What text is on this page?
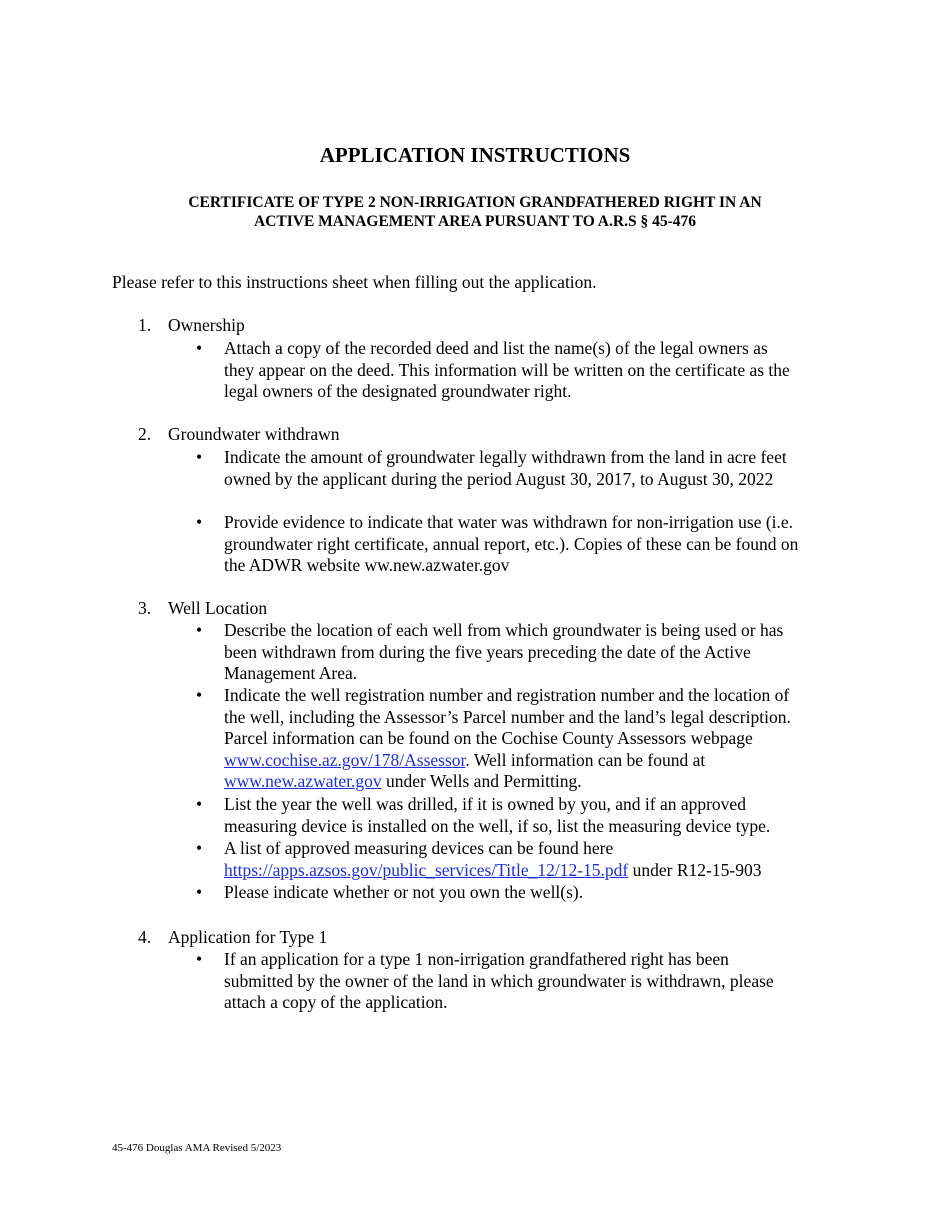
APPLICATION INSTRUCTIONS
CERTIFICATE OF TYPE 2 NON-IRRIGATION GRANDFATHERED RIGHT IN AN
ACTIVE MANAGEMENT AREA PURSUANT TO A.R.S § 45-476
Please refer to this instructions sheet when filling out the application.
1. Ownership
• Attach a copy of the recorded deed and list the name(s) of the legal owners as
they appear on the deed. This information will be written on the certificate as the
legal owners of the designated groundwater right.
2. Groundwater withdrawn
• Indicate the amount of groundwater legally withdrawn from the land in acre feet
owned by the applicant during the period August 30, 2017, to August 30, 2022
• Provide evidence to indicate that water was withdrawn for non-irrigation use (i.e.
groundwater right certificate, annual report, etc.). Copies of these can be found on
the ADWR website ww.new.azwater.gov
3. Well Location
• Describe the location of each well from which groundwater is being used or has
been withdrawn from during the five years preceding the date of the Active
Management Area.
• Indicate the well registration number and registration number and the location of
the well, including the Assessor’s Parcel number and the land’s legal description.
Parcel information can be found on the Cochise County Assessors webpage
www.cochise.az.gov/178/Assessor. Well information can be found at
www.new.azwater.gov under Wells and Permitting.
• List the year the well was drilled, if it is owned by you, and if an approved
measuring device is installed on the well, if so, list the measuring device type.
• A list of approved measuring devices can be found here
https://apps.azsos.gov/public_services/Title_12/12-15.pdf under R12-15-903
• Please indicate whether or not you own the well(s).
4. Application for Type 1
• If an application for a type 1 non-irrigation grandfathered right has been
submitted by the owner of the land in which groundwater is withdrawn, please
attach a copy of the application.
45-476 Douglas AMA Revised 5/2023
